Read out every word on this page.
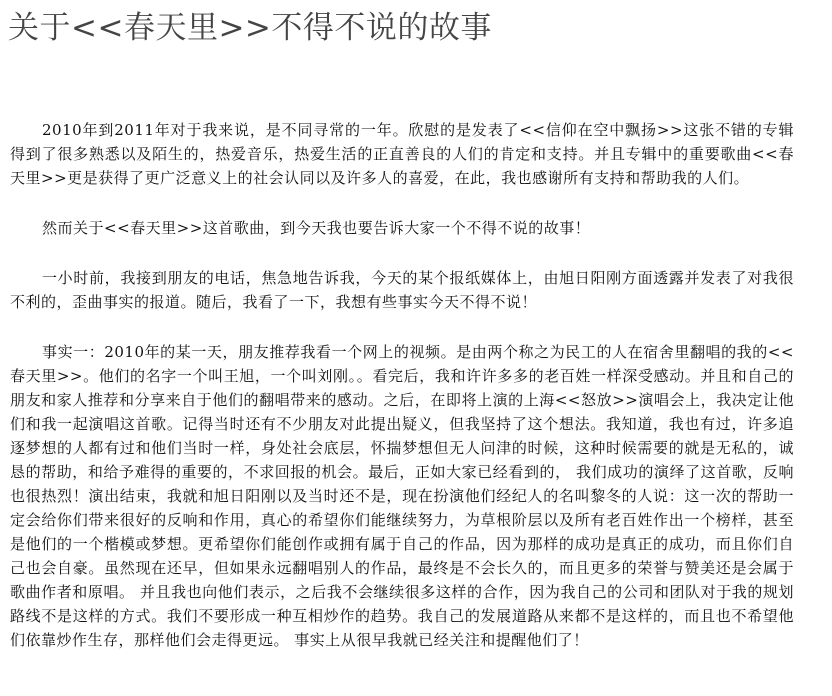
关于<<春天里>>不得不说的故事

2010年到2011年对于我来说，是不同寻常的一年。欣慰的是发表了<<信仰在空中飘扬>>这张不错的专辑得到了很多熟悉以及陌生的，热爱音乐，热爱生活的正直善良的人们的肯定和支持。并且专辑中的重要歌曲<<春天里>>更是获得了更广泛意义上的社会认同以及许多人的喜爱，在此，我也感谢所有支持和帮助我的人们。

然而关于<<春天里>>这首歌曲，到今天我也要告诉大家一个不得不说的故事！

一小时前，我接到朋友的电话，焦急地告诉我，今天的某个报纸媒体上，由旭日阳刚方面透露并发表了对我很不利的，歪曲事实的报道。随后，我看了一下，我想有些事实今天不得不说！

事实一：2010年的某一天，朋友推荐我看一个网上的视频。是由两个称之为民工的人在宿舍里翻唱的我的<<春天里>>。他们的名字一个叫王旭，一个叫刘刚。。看完后，我和许许多多的老百姓一样深受感动。并且和自己的朋友和家人推荐和分享来自于他们的翻唱带来的感动。之后，在即将上演的上海<<怒放>>演唱会上，我决定让他们和我一起演唱这首歌。记得当时还有不少朋友对此提出疑义，但我坚持了这个想法。我知道，我也有过，许多追逐梦想的人都有过和他们当时一样，身处社会底层，怀揣梦想但无人问津的时候，这种时候需要的就是无私的，诚恳的帮助，和给予难得的重要的，不求回报的机会。最后，正如大家已经看到的， 我们成功的演绎了这首歌，反响也很热烈！演出结束，我就和旭日阳刚以及当时还不是，现在扮演他们经纪人的名叫黎冬的人说：这一次的帮助一定会给你们带来很好的反响和作用，真心的希望你们能继续努力，为草根阶层以及所有老百姓作出一个榜样，甚至是他们的一个楷模或梦想。更希望你们能创作或拥有属于自己的作品，因为那样的成功是真正的成功，而且你们自己也会自豪。虽然现在还早，但如果永远翻唱别人的作品，最终是不会长久的，而且更多的荣誉与赞美还是会属于歌曲作者和原唱。 并且我也向他们表示，之后我不会继续很多这样的合作，因为我自己的公司和团队对于我的规划路线不是这样的方式。我们不要形成一种互相炒作的趋势。我自己的发展道路从来都不是这样的，而且也不希望他们依靠炒作生存，那样他们会走得更远。 事实上从很早我就已经关注和提醒他们了！
